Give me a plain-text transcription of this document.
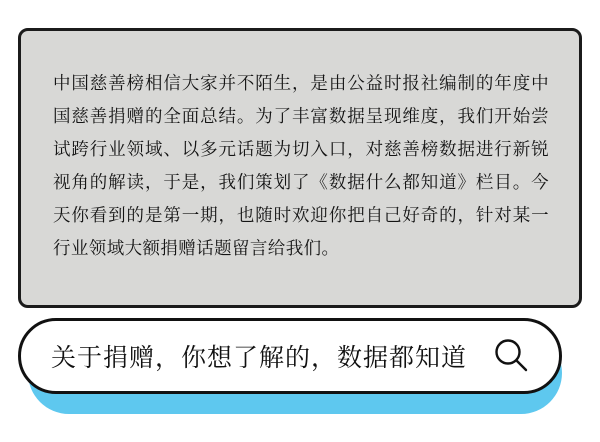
中国慈善榜相信大家并不陌生，是由公益时报社编制的年度中国慈善捐赠的全面总结。为了丰富数据呈现维度，我们开始尝试跨行业领域、以多元话题为切入口，对慈善榜数据进行新锐视角的解读，于是，我们策划了《数据什么都知道》栏目。今天你看到的是第一期，也随时欢迎你把自己好奇的，针对某一行业领域大额捐赠话题留言给我们。
关于捐赠，你想了解的，数据都知道
